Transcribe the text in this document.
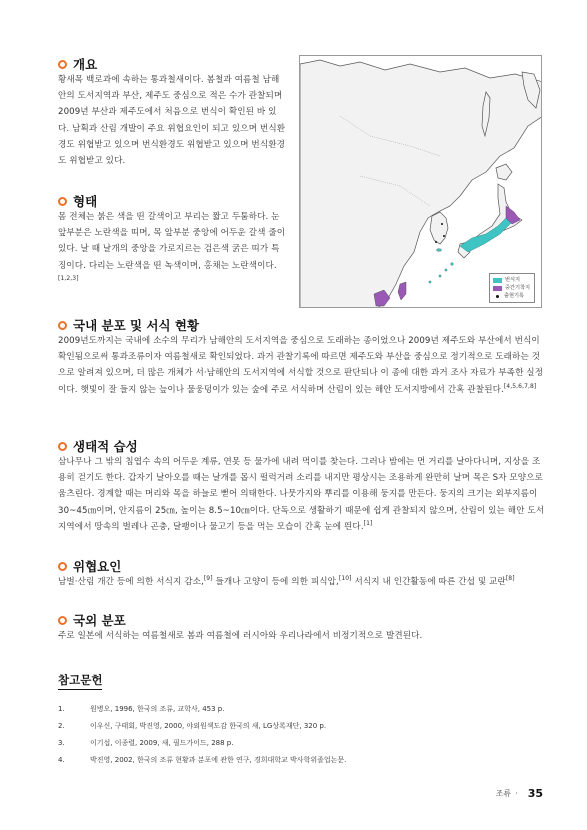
개요
황새목 백로과에 속하는 통과철새이다. 봄철과 여름철 남해안의 도서지역과 부산, 제주도 중심으로 적은 수가 관찰되며 2009년 부산과 제주도에서 처음으로 번식이 확인된 바 있다. 남획과 산림 개발이 주요 위협요인이 되고 있으며 번식환경도 위협받고 있으며 번식환경도 위협받고 있으며 번식환경도 위협받고 있다.
형태
몸 전체는 붉은 색을 띤 갈색이고 부리는 짧고 두툼하다. 눈 앞부분은 노란색을 띠며, 목 앞부분 중앙에 어두운 갈색 줄이 있다. 날 때 날개의 중앙을 가로지르는 검은색 굵은 띠가 특징이다. 다리는 노란색을 띤 녹색이며, 홍채는 노란색이다.[1,2,3]	번식지
중간기착지
출현기록
국내 분포 및 서식 현황
2009년도까지는 국내에 소수의 무리가 남해안의 도서지역을 중심으로 도래하는 종이었으나 2009년 제주도와 부산에서 번식이 확인됨으로써 통과조류이자 여름철새로 확인되었다. 과거 관찰기록에 따르면 제주도와 부산을 중심으로 정기적으로 도래하는 것으로 알려져 있으며, 더 많은 개체가 서·남해안의 도서지역에 서식할 것으로 판단되나 이 종에 대한 과거 조사 자료가 부족한 실정이다. 햇빛이 잘 들지 않는 늪이나 물웅덩이가 있는 숲에 주로 서식하며 산림이 있는 해안 도서지방에서 간혹 관찰된다.[4,5,6,7,8]
생태적 습성
삼나무나 그 밖의 침엽수 속의 어두운 계류, 연못 등 물가에 내려 먹이를 찾는다. 그러나 밤에는 먼 거리를 날아다니며, 지상을 조용히 걷기도 한다. 갑자기 날아오를 때는 날개를 몹시 펄럭거려 소리를 내지만 평상시는 조용하게 완만히 날며 목은 S자 모양으로 움츠린다. 경계할 때는 머리와 목을 하늘로 뻗어 의태한다. 나뭇가지와 뿌리를 이용해 둥지를 만든다. 둥지의 크기는 외부지름이 30~45㎝이며, 안지름이 25㎝, 높이는 8.5~10㎝이다. 단독으로 생활하기 때문에 쉽게 관찰되지 않으며, 산림이 있는 해안 도서 지역에서 땅속의 벌레나 곤충, 달팽이나 물고기 등을 먹는 모습이 간혹 눈에 띈다.[1]
위협요인
남벌·산림 개간 등에 의한 서식지 감소,[9] 들개나 고양이 등에 의한 피식압,[10] 서식지 내 인간활동에 따른 간섭 및 교란[8]
국외 분포
주로 일본에 서식하는 여름철새로 봄과 여름철에 러시아와 우리나라에서 비정기적으로 발견된다.
참고문헌
1.	원병오, 1996, 한국의 조류, 교학사, 453 p.
2.	이우신, 구태회, 박진영, 2000, 야외원색도감 한국의 새, LG상록재단, 320 p.
3.	이기섭, 이종렬, 2009, 새, 필드가이드, 288 p.
4.	박진영, 2002, 한국의 조류 현황과 분포에 관한 연구, 경희대학교 박사학위졸업논문.
조류 · 35
